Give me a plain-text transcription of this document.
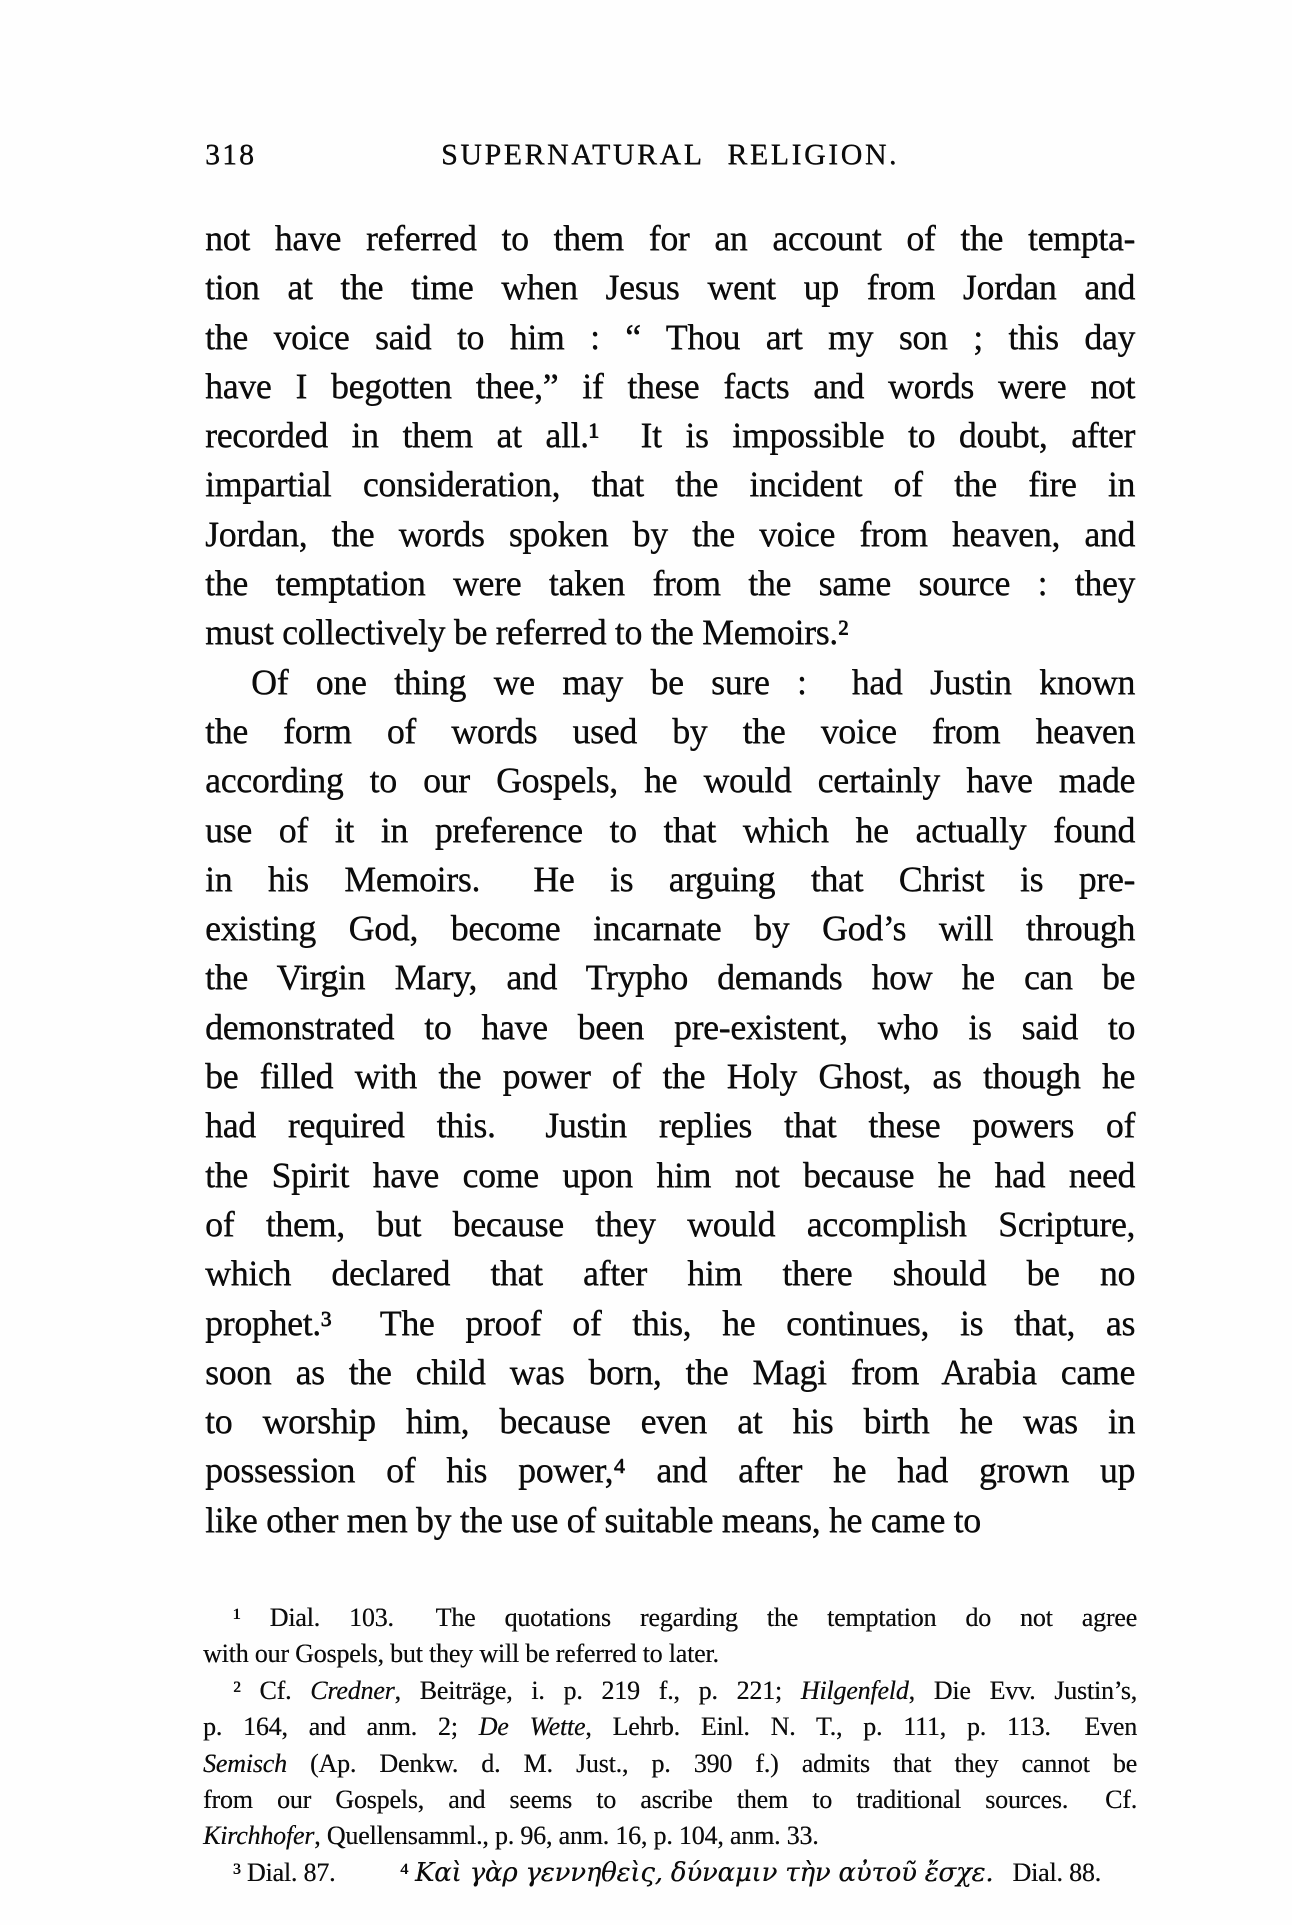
318	SUPERNATURAL RELIGION.
not have referred to them for an account of the tempta-
tion at the time when Jesus went up from Jordan and
the voice said to him : “ Thou art my son ; this day
have I begotten thee,” if these facts and words were not
recorded in them at all.¹  It is impossible to doubt, after
impartial consideration, that the incident of the fire in
Jordan, the words spoken by the voice from heaven, and
the temptation were taken from the same source : they
must collectively be referred to the Memoirs.²
Of one thing we may be sure :  had Justin known
the form of words used by the voice from heaven
according to our Gospels, he would certainly have made
use of it in preference to that which he actually found
in his Memoirs.  He is arguing that Christ is pre-
existing God, become incarnate by God’s will through
the Virgin Mary, and Trypho demands how he can be
demonstrated to have been pre-existent, who is said to
be filled with the power of the Holy Ghost, as though he
had required this.  Justin replies that these powers of
the Spirit have come upon him not because he had need
of them, but because they would accomplish Scripture,
which declared that after him there should be no
prophet.³  The proof of this, he continues, is that, as
soon as the child was born, the Magi from Arabia came
to worship him, because even at his birth he was in
possession of his power,⁴ and after he had grown up
like other men by the use of suitable means, he came to
¹ Dial. 103.  The quotations regarding the temptation do not agree
with our Gospels, but they will be referred to later.
² Cf. Credner, Beiträge, i. p. 219 f., p. 221; Hilgenfeld, Die Evv. Justin’s,
p. 164, and anm. 2; De Wette, Lehrb. Einl. N. T., p. 111, p. 113.  Even
Semisch (Ap. Denkw. d. M. Just., p. 390 f.) admits that they cannot be
from our Gospels, and seems to ascribe them to traditional sources.  Cf.
Kirchhofer, Quellensamml., p. 96, anm. 16, p. 104, anm. 33.
³ Dial. 87.   ⁴ Καὶ γὰρ γεννηθεὶς, δύναμιν τὴν αὐτοῦ ἔσχε.  Dial. 88.
